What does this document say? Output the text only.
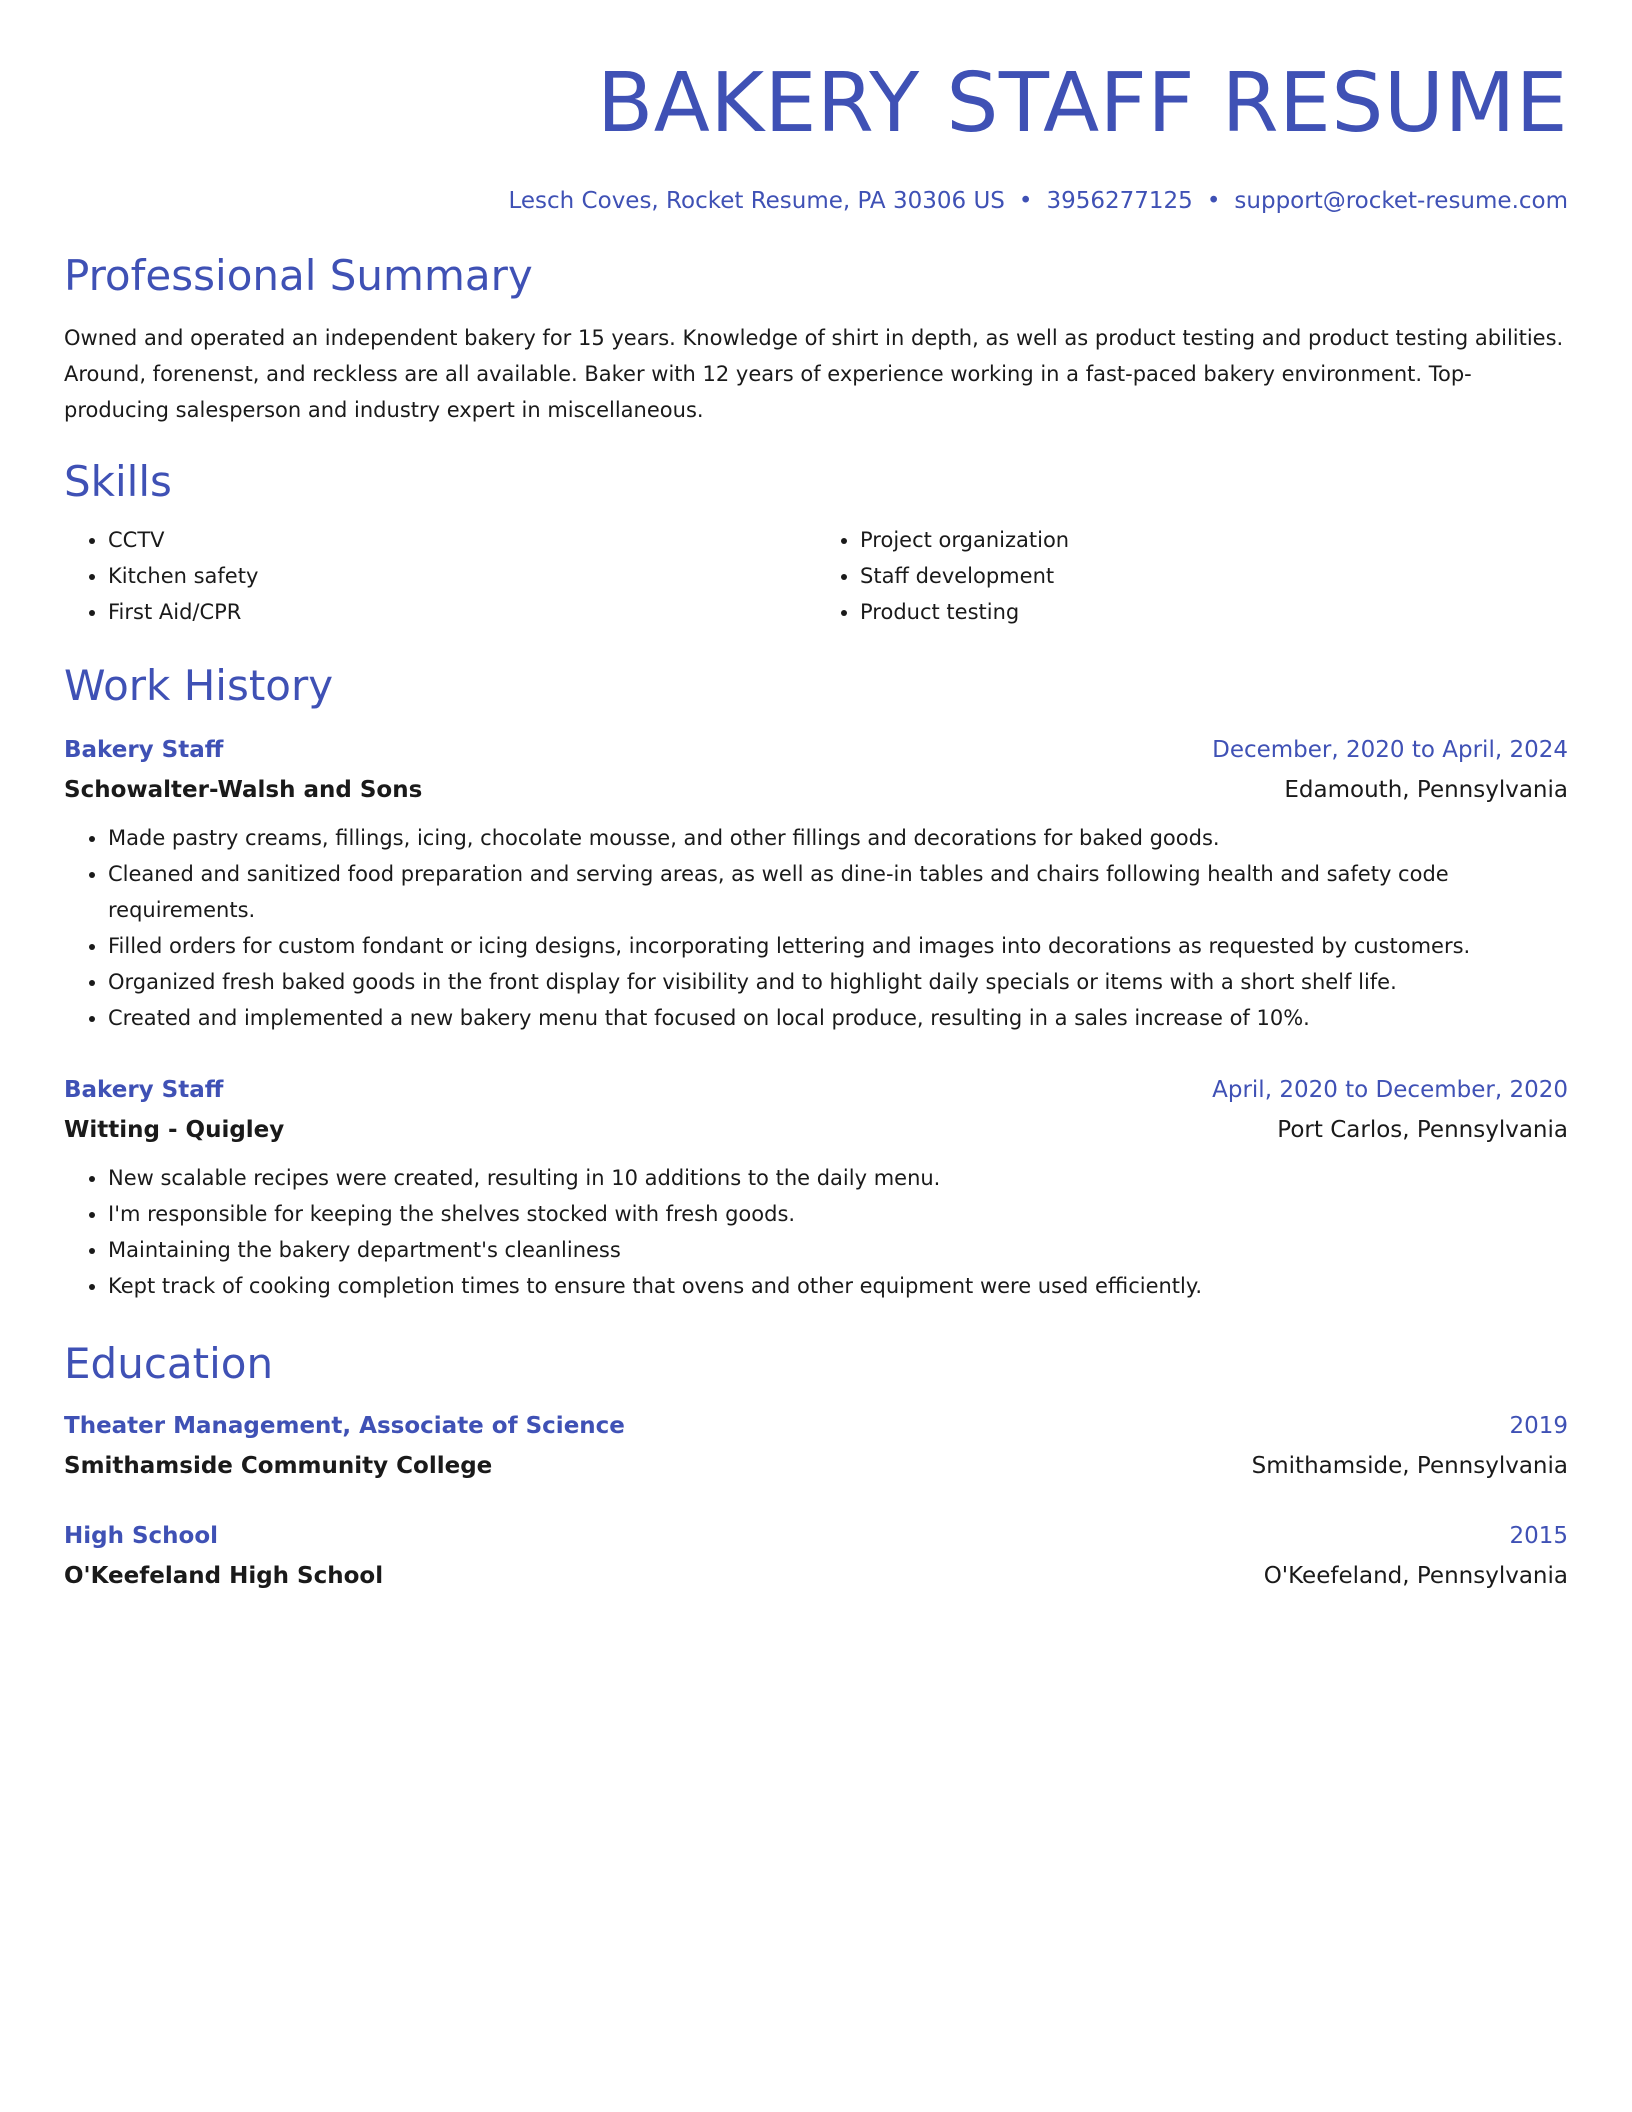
BAKERY STAFF RESUME
Lesch Coves, Rocket Resume, PA 30306 US • 3956277125 • support@rocket-resume.com
Professional Summary
Owned and operated an independent bakery for 15 years. Knowledge of shirt in depth, as well as product testing and product testing abilities. Around, forenenst, and reckless are all available. Baker with 12 years of experience working in a fast-paced bakery environment. Top-producing salesperson and industry expert in miscellaneous.
Skills
• CCTV
• Kitchen safety
• First Aid/CPR
• Project organization
• Staff development
• Product testing
Work History
Bakery Staff	December, 2020 to April, 2024
Schowalter-Walsh and Sons	Edamouth, Pennsylvania
• Made pastry creams, fillings, icing, chocolate mousse, and other fillings and decorations for baked goods.
• Cleaned and sanitized food preparation and serving areas, as well as dine-in tables and chairs following health and safety code requirements.
• Filled orders for custom fondant or icing designs, incorporating lettering and images into decorations as requested by customers.
• Organized fresh baked goods in the front display for visibility and to highlight daily specials or items with a short shelf life.
• Created and implemented a new bakery menu that focused on local produce, resulting in a sales increase of 10%.
Bakery Staff	April, 2020 to December, 2020
Witting - Quigley	Port Carlos, Pennsylvania
• New scalable recipes were created, resulting in 10 additions to the daily menu.
• I'm responsible for keeping the shelves stocked with fresh goods.
• Maintaining the bakery department's cleanliness
• Kept track of cooking completion times to ensure that ovens and other equipment were used efficiently.
Education
Theater Management, Associate of Science	2019
Smithamside Community College	Smithamside, Pennsylvania
High School	2015
O'Keefeland High School	O'Keefeland, Pennsylvania
